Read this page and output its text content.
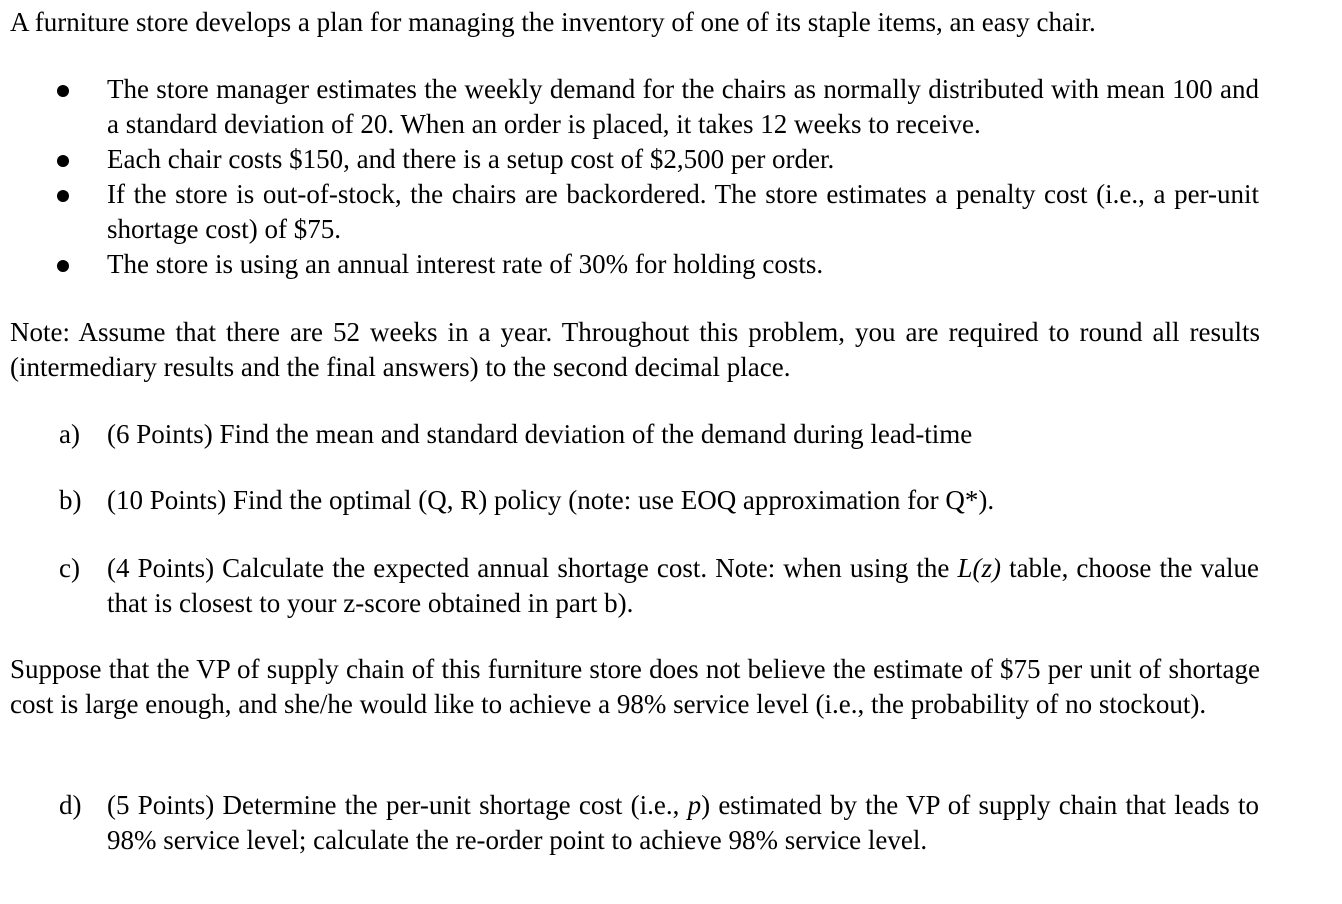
A furniture store develops a plan for managing the inventory of one of its staple items, an easy chair.

The store manager estimates the weekly demand for the chairs as normally distributed with mean 100 and a standard deviation of 20. When an order is placed, it takes 12 weeks to receive.
Each chair costs $150, and there is a setup cost of $2,500 per order.
If the store is out-of-stock, the chairs are backordered. The store estimates a penalty cost (i.e., a per-unit shortage cost) of $75.
The store is using an annual interest rate of 30% for holding costs.

Note: Assume that there are 52 weeks in a year. Throughout this problem, you are required to round all results (intermediary results and the final answers) to the second decimal place.

a) (6 Points) Find the mean and standard deviation of the demand during lead-time
b) (10 Points) Find the optimal (Q, R) policy (note: use EOQ approximation for Q*).
c) (4 Points) Calculate the expected annual shortage cost. Note: when using the L(z) table, choose the value that is closest to your z-score obtained in part b).

Suppose that the VP of supply chain of this furniture store does not believe the estimate of $75 per unit of shortage cost is large enough, and she/he would like to achieve a 98% service level (i.e., the probability of no stockout).

d) (5 Points) Determine the per-unit shortage cost (i.e., p) estimated by the VP of supply chain that leads to 98% service level; calculate the re-order point to achieve 98% service level.
